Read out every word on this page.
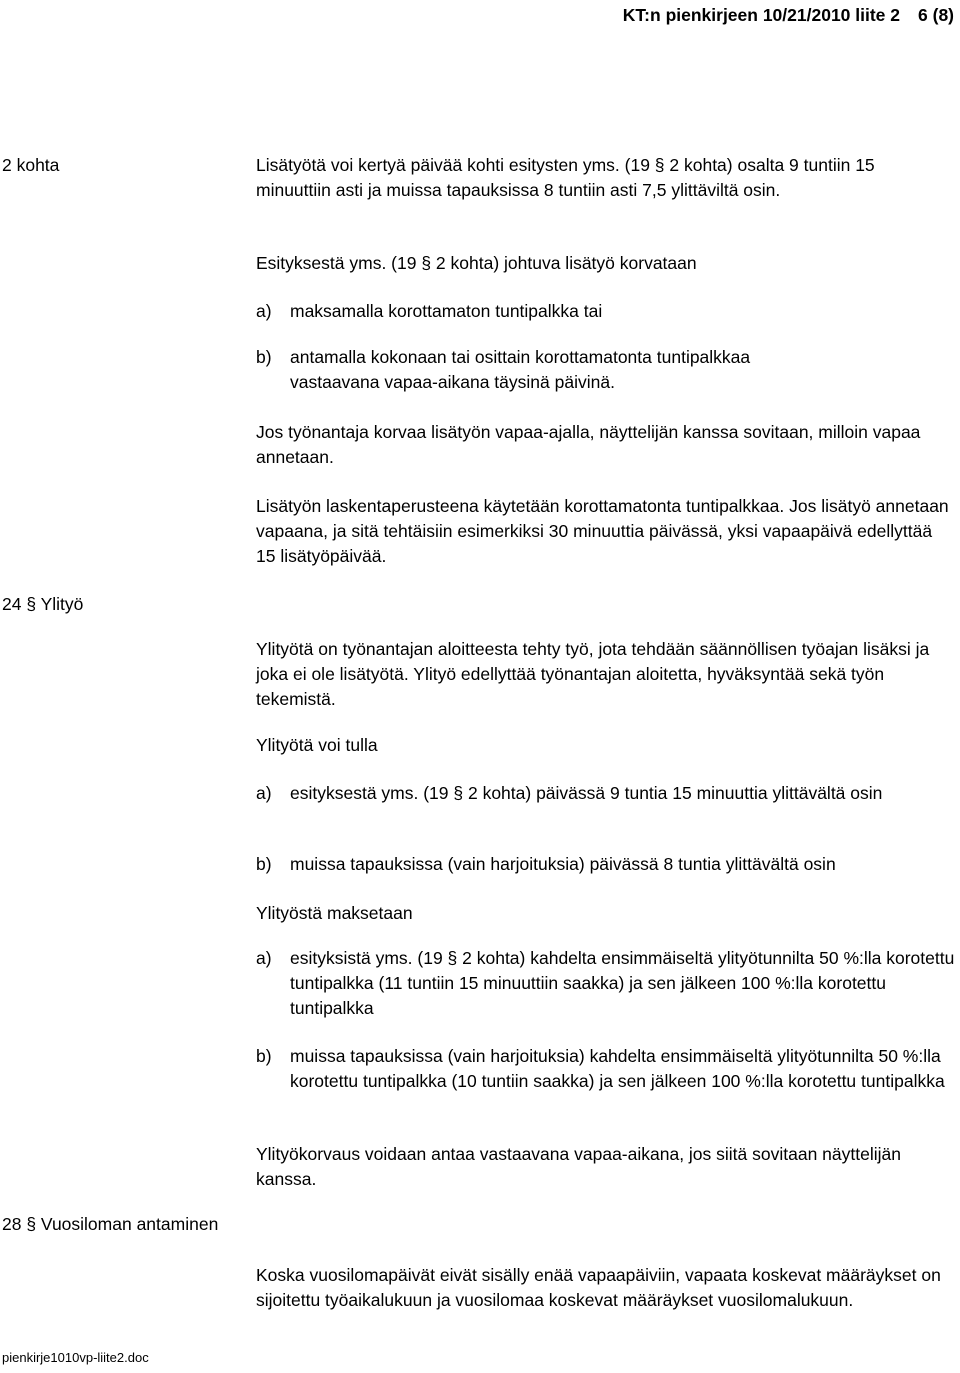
KT:n pienkirjeen 10/21/2010 liite 2 6 (8)
2 kohta
24 § Ylityö
28 § Vuosiloman antaminen
Lisätyötä voi kertyä päivää kohti esitysten yms. (19 § 2 kohta) osalta 9 tuntiin 15 minuuttiin asti ja muissa tapauksissa 8 tuntiin asti 7,5 ylittäviltä osin.
Esityksestä yms. (19 § 2 kohta) johtuva lisätyö korvataan
a) maksamalla korottamaton tuntipalkka tai
b) antamalla kokonaan tai osittain korottamatonta tuntipalkkaa vastaavana vapaa-aikana täysinä päivinä.
Jos työnantaja korvaa lisätyön vapaa-ajalla, näyttelijän kanssa sovitaan, milloin vapaa annetaan.
Lisätyön laskentaperusteena käytetään korottamatonta tuntipalkkaa. Jos lisätyö annetaan vapaana, ja sitä tehtäisiin esimerkiksi 30 minuuttia päivässä, yksi vapaapäivä edellyttää 15 lisätyöpäivää.
Ylityötä on työnantajan aloitteesta tehty työ, jota tehdään säännöllisen työajan lisäksi ja joka ei ole lisätyötä. Ylityö edellyttää työnantajan aloitetta, hyväksyntää sekä työn tekemistä.
Ylityötä voi tulla
a) esityksestä yms. (19 § 2 kohta) päivässä 9 tuntia 15 minuuttia ylittävältä osin
b) muissa tapauksissa (vain harjoituksia) päivässä 8 tuntia ylittävältä osin
Ylityöstä maksetaan
a) esityksistä yms. (19 § 2 kohta) kahdelta ensimmäiseltä ylityötunnilta 50 %:lla korotettu tuntipalkka (11 tuntiin 15 minuuttiin saakka) ja sen jälkeen 100 %:lla korotettu tuntipalkka
b) muissa tapauksissa (vain harjoituksia) kahdelta ensimmäiseltä ylityötunnilta 50 %:lla korotettu tuntipalkka (10 tuntiin saakka) ja sen jälkeen 100 %:lla korotettu tuntipalkka
Ylityökorvaus voidaan antaa vastaavana vapaa-aikana, jos siitä sovitaan näyttelijän kanssa.
Koska vuosilomapäivät eivät sisälly enää vapaapäiviin, vapaata koskevat määräykset on sijoitettu työaikalukuun ja vuosilomaa koskevat määräykset vuosilomalukuun.
pienkirje1010vp-liite2.doc
